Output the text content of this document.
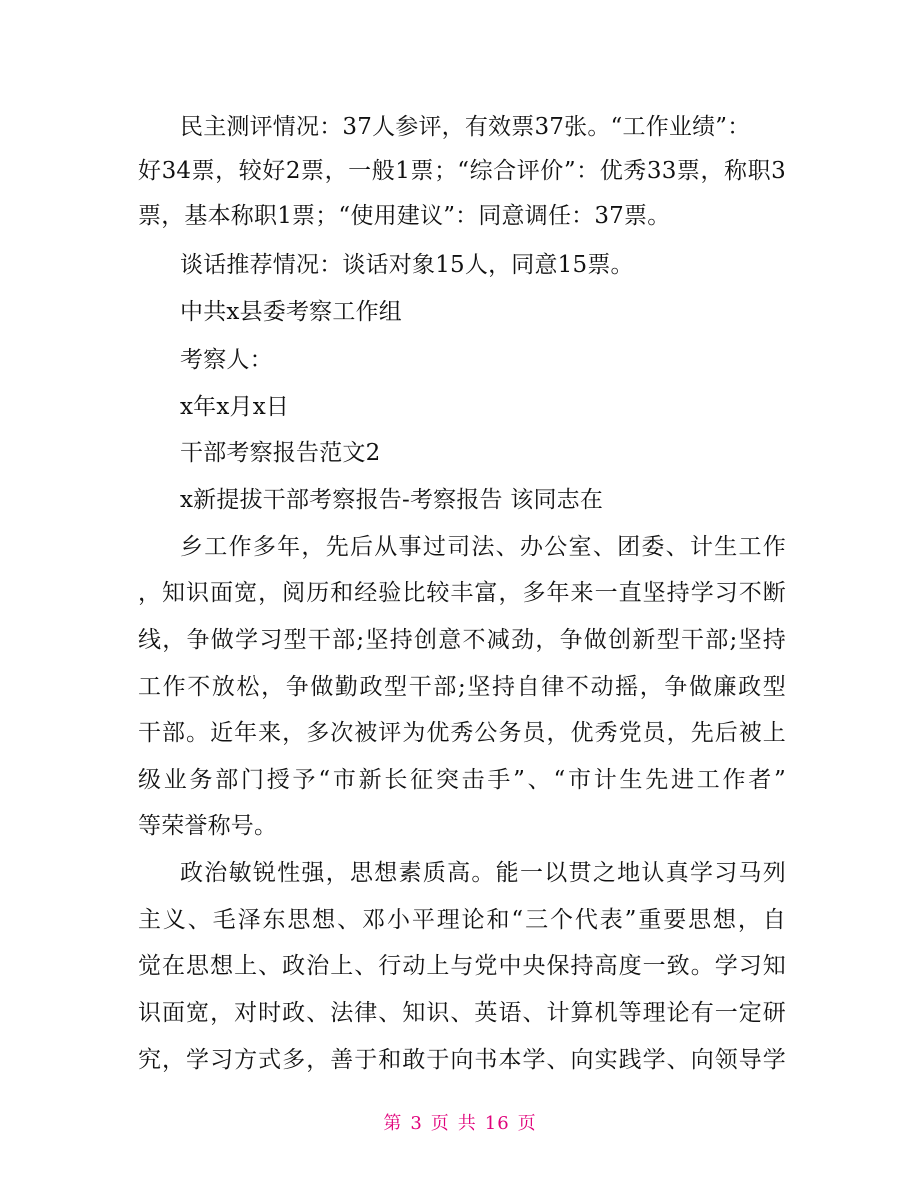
民主测评情况：37人参评，有效票37张。“工作业绩”：
好34票，较好2票，一般1票；“综合评价”：优秀33票，称职3
票，基本称职1票；“使用建议”：同意调任：37票。
谈话推荐情况：谈话对象15人，同意15票。
中共x县委考察工作组
考察人：
x年x月x日
干部考察报告范文2
x新提拔干部考察报告-考察报告 该同志在
乡工作多年，先后从事过司法、办公室、团委、计生工作
，知识面宽，阅历和经验比较丰富，多年来一直坚持学习不断
线，争做学习型干部;坚持创意不减劲，争做创新型干部;坚持
工作不放松，争做勤政型干部;坚持自律不动摇，争做廉政型
干部。近年来，多次被评为优秀公务员，优秀党员，先后被上
级业务部门授予“市新长征突击手”、“市计生先进工作者”
等荣誉称号。
政治敏锐性强，思想素质高。能一以贯之地认真学习马列
主义、毛泽东思想、邓小平理论和“三个代表”重要思想，自
觉在思想上、政治上、行动上与党中央保持高度一致。学习知
识面宽，对时政、法律、知识、英语、计算机等理论有一定研
究，学习方式多，善于和敢于向书本学、向实践学、向领导学
第 3 页 共 16 页
